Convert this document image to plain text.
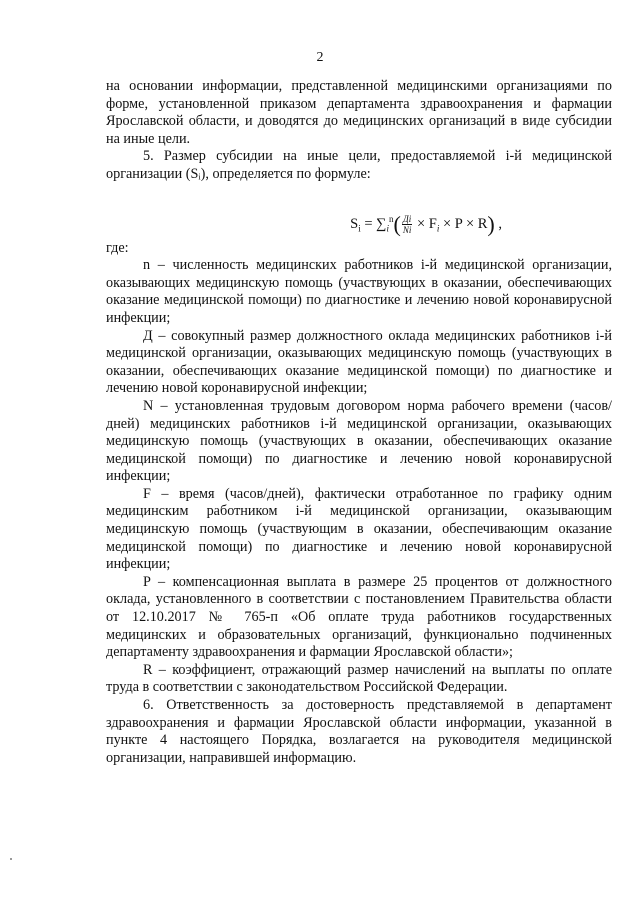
2

на основании информации, представленной медицинскими организациями по форме, установленной приказом департамента здравоохранения и фармации Ярославской области, и доводятся до медицинских организаций в виде субсидии на иные цели.

5. Размер субсидии на иные цели, предоставляемой i-й медицинской организации (Sᵢ), определяется по формуле:

$S_i = \sum_i^n( \frac{Дi}{Ni} \times F_i \times P \times R)$ ,

где:

n – численность медицинских работников i-й медицинской организации, оказывающих медицинскую помощь (участвующих в оказании, обеспечивающих оказание медицинской помощи) по диагностике и лечению новой коронавирусной инфекции;

Д – совокупный размер должностного оклада медицинских работников i-й медицинской организации, оказывающих медицинскую помощь (участвующих в оказании, обеспечивающих оказание медицинской помощи) по диагностике и лечению новой коронавирусной инфекции;

N – установленная трудовым договором норма рабочего времени (часов/дней) медицинских работников i-й медицинской организации, оказывающих медицинскую помощь (участвующих в оказании, обеспечивающих оказание медицинской помощи) по диагностике и лечению новой коронавирусной инфекции;

F – время (часов/дней), фактически отработанное по графику одним медицинским работником i-й медицинской организации, оказывающим медицинскую помощь (участвующим в оказании, обеспечивающим оказание медицинской помощи) по диагностике и лечению новой коронавирусной инфекции;

P – компенсационная выплата в размере 25 процентов от должностного оклада, установленного в соответствии с постановлением Правительства области от 12.10.2017 № 765-п «Об оплате труда работников государственных медицинских и образовательных организаций, функционально подчиненных департаменту здравоохранения и фармации Ярославской области»;

R – коэффициент, отражающий размер начислений на выплаты по оплате труда в соответствии с законодательством Российской Федерации.

6. Ответственность за достоверность представляемой в департамент здравоохранения и фармации Ярославской области информации, указанной в пункте 4 настоящего Порядка, возлагается на руководителя медицинской организации, направившей информацию.
